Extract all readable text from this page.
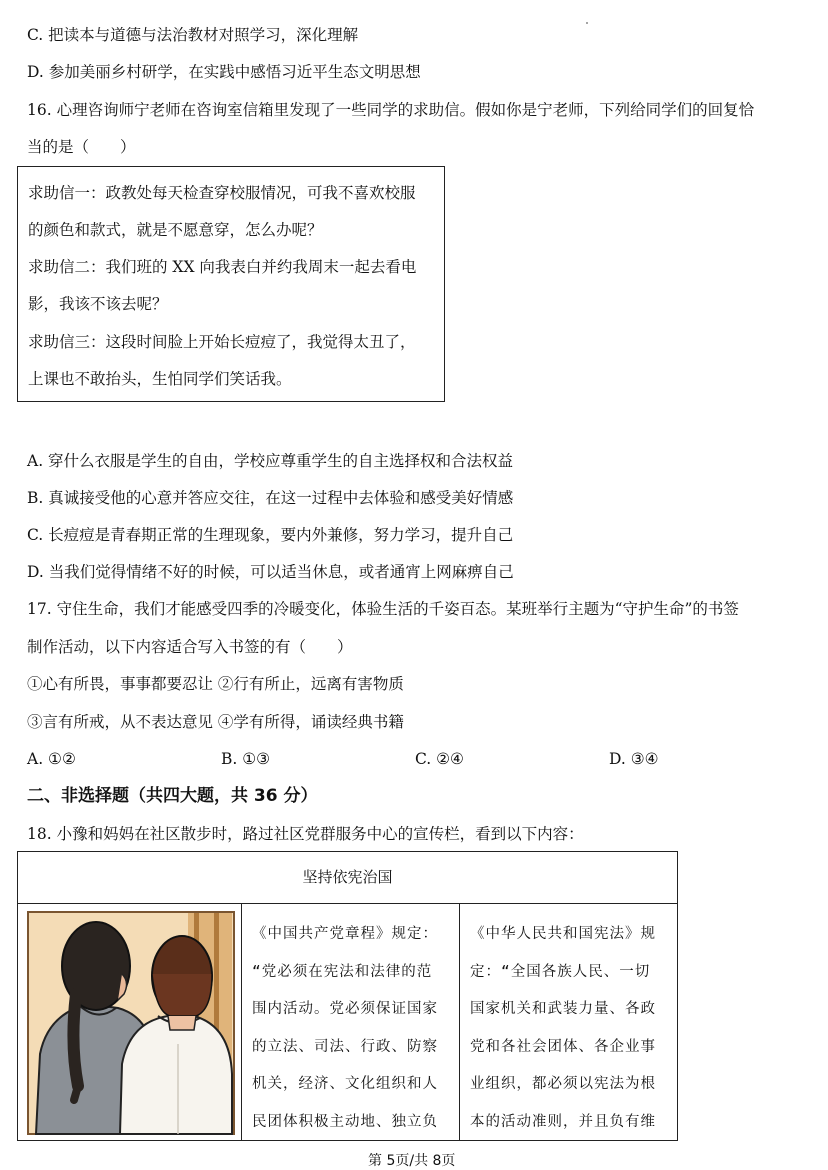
C. 把读本与道德与法治教材对照学习，深化理解
D. 参加美丽乡村研学，在实践中感悟习近平生态文明思想
16. 心理咨询师宁老师在咨询室信箱里发现了一些同学的求助信。假如你是宁老师，下列给同学们的回复恰
当的是（　　）
求助信一：政教处每天检查穿校服情况，可我不喜欢校服
的颜色和款式，就是不愿意穿，怎么办呢？
求助信二：我们班的 XX 向我表白并约我周末一起去看电
影，我该不该去呢？
求助信三：这段时间脸上开始长痘痘了，我觉得太丑了，
上课也不敢抬头，生怕同学们笑话我。
A. 穿什么衣服是学生的自由，学校应尊重学生的自主选择权和合法权益
B. 真诚接受他的心意并答应交往，在这一过程中去体验和感受美好情感
C. 长痘痘是青春期正常的生理现象，要内外兼修，努力学习，提升自己
D. 当我们觉得情绪不好的时候，可以适当休息，或者通宵上网麻痹自己
17. 守住生命，我们才能感受四季的冷暖变化，体验生活的千姿百态。某班举行主题为“守护生命”的书签
制作活动，以下内容适合写入书签的有（　　）
①心有所畏，事事都要忍让 ②行有所止，远离有害物质
③言有所戒，从不表达意见 ④学有所得，诵读经典书籍
A. ①②	B. ①③	C. ②④	D. ③④
二、非选择题（共四大题，共 36 分）
18. 小豫和妈妈在社区散步时，路过社区党群服务中心的宣传栏，看到以下内容：
坚持依宪治国
《中国共产党章程》规定：
“党必须在宪法和法律的范
围内活动。党必须保证国家
的立法、司法、行政、防察
机关，经济、文化组织和人
民团体积极主动地、独立负
《中华人民共和国宪法》规
定：“全国各族人民、一切
国家机关和武装力量、各政
党和各社会团体、各企业事
业组织，都必须以宪法为根
本的活动准则，并且负有维
第 5页/共 8页
